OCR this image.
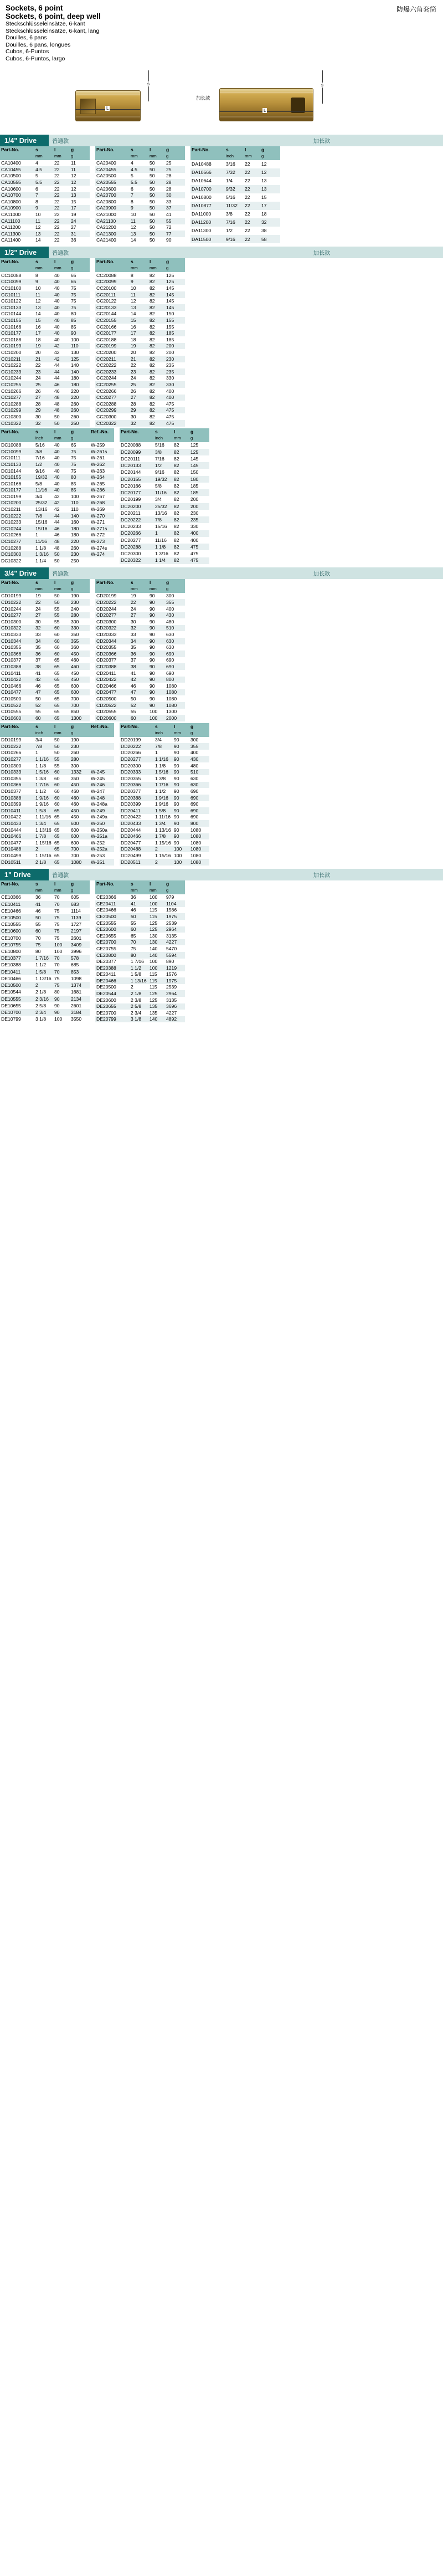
Sockets, 6 point
Sockets, 6 point, deep well
Steckschlüsseleinsätze, 6-kant
Steckschlüsseleinsätze, 6-kant, lang
Douilles, 6 pans
Douilles, 6 pans, longues
Cubos, 6-Puntos
Cubos, 6-Puntos, largo
防爆六角套筒
s
L
s
L
加长款
1/4" Drive	普通款	加长款
Part-No.	s	l	g
	mm	mm	g
CA10400	4	22	11
CA10455	4.5	22	11
CA10500	5	22	12
CA10555	5.5	22	12
CA10600	6	22	12
CA10700	7	22	13
CA10800	8	22	15
CA10900	9	22	17
CA11000	10	22	19
CA11100	11	22	24
CA11200	12	22	27
CA11300	13	22	31
CA11400	14	22	36
Part-No.	s	l	g
	mm	mm	g
CA20400	4	50	25
CA20455	4.5	50	25
CA20500	5	50	28
CA20555	5.5	50	28
CA20600	6	50	28
CA20700	7	50	30
CA20800	8	50	33
CA20900	9	50	37
CA21000	10	50	41
CA21100	11	50	55
CA21200	12	50	72
CA21300	13	50	77
CA21400	14	50	90
Part-No.	s	l	g
	inch	mm	g
DA10488	3/16	22	12
DA10566	7/32	22	12
DA10644	1/4	22	13
DA10700	9/32	22	13
DA10800	5/16	22	15
DA10877	11/32	22	17
DA11000	3/8	22	18
DA11200	7/16	22	32
DA11300	1/2	22	38
DA11500	9/16	22	58
1/2" Drive	普通款	加长款
Part-No.	s	l	g
	mm	mm	g
CC10088	8	40	65
CC10099	9	40	65
CC10100	10	40	75
CC10111	11	40	75
CC10122	12	40	75
CC10133	13	40	75
CC10144	14	40	80
CC10155	15	40	85
CC10166	16	40	85
CC10177	17	40	90
CC10188	18	40	100
CC10199	19	42	110
CC10200	20	42	130
CC10211	21	42	125
CC10222	22	44	140
CC10233	23	44	140
CC10244	24	44	180
CC10255	25	46	180
CC10266	26	46	220
CC10277	27	48	220
CC10288	28	48	260
CC10299	29	48	260
CC10300	30	50	260
CC10322	32	50	250
Part-No.	s	l	g
	mm	mm	g
CC20088	8	82	125
CC20099	9	82	125
CC20100	10	82	145
CC20111	11	82	145
CC20122	12	82	145
CC20133	13	82	145
CC20144	14	82	150
CC20155	15	82	155
CC20166	16	82	155
CC20177	17	82	185
CC20188	18	82	185
CC20199	19	82	200
CC20200	20	82	200
CC20211	21	82	230
CC20222	22	82	235
CC20233	23	82	235
CC20244	24	82	330
CC20255	25	82	330
CC20266	26	82	400
CC20277	27	82	400
CC20288	28	82	475
CC20299	29	82	475
CC20300	30	82	475
CC20322	32	82	475
Part-No.	s	l	g	Ref.-No.
	inch	mm	g	
DC10088	5/16	40	65	W-259
DC10099	3/8	40	75	W-261s
DC10111	7/16	40	75	W-261
DC10133	1/2	40	75	W-262
DC10144	9/16	40	75	W-263
DC10155	19/32	40	80	W-264
DC10166	5/8	40	85	W-265
DC10177	11/16	40	85	W-266
DC10199	3/4	42	100	W-267
DC10200	25/32	42	110	W-268
DC10211	13/16	42	110	W-269
DC10222	7/8	44	140	W-270
DC10233	15/16	44	160	W-271
DC10244	15/16	46	180	W-271s
DC10266	1	46	180	W-272
DC10277	11/16	48	220	W-273
DC10288	1 1/8	48	260	W-274s
DC10300	1 3/16	50	230	W-274
DC10322	1 1/4	50	250	
Part-No.	s	l	g
	inch	mm	g
DC20088	5/16	82	125
DC20099	3/8	82	125
DC20111	7/16	82	145
DC20133	1/2	82	145
DC20144	9/16	82	150
DC20155	19/32	82	180
DC20166	5/8	82	185
DC20177	11/16	82	185
DC20199	3/4	82	200
DC20200	25/32	82	200
DC20211	13/16	82	230
DC20222	7/8	82	235
DC20233	15/16	82	330
DC20266	1	82	400
DC20277	11/16	82	400
DC20288	1 1/8	82	475
DC20300	1 3/16	82	475
DC20322	1 1/4	82	475
3/4" Drive	普通款	加长款
Part-No.	s	l	g
	mm	mm	g
CD10199	19	50	190
CD10222	22	50	230
CD10244	24	55	240
CD10277	27	55	280
CD10300	30	55	300
CD10322	32	60	330
CD10333	33	60	350
CD10344	34	60	355
CD10355	35	60	360
CD10366	36	60	450
CD10377	37	65	460
CD10388	38	65	460
CD10411	41	65	450
CD10422	42	65	450
CD10466	46	65	600
CD10477	47	65	600
CD10500	50	65	700
CD10522	52	65	700
CD10555	55	65	850
CD10600	60	65	1300
Part-No.	s	l	g
	mm	mm	g
CD20199	19	90	300
CD20222	22	90	355
CD20244	24	90	400
CD20277	27	90	430
CD20300	30	90	480
CD20322	32	90	510
CD20333	33	90	630
CD20344	34	90	630
CD20355	35	90	630
CD20366	36	90	690
CD20377	37	90	690
CD20388	38	90	690
CD20411	41	90	690
CD20422	42	90	800
CD20466	46	90	1080
CD20477	47	90	1080
CD20500	50	90	1080
CD20522	52	90	1080
CD20555	55	100	1300
CD20600	60	100	2000
Part-No.	s	l	g	Ref.-No.
	inch	mm	g	
DD10199	3/4	50	190	
DD10222	7/8	50	230	
DD10266	1	50	260	
DD10277	1 1/16	55	280	
DD10300	1 1/8	55	300	
DD10333	1 5/16	60	1332	W-245
DD10355	1 3/8	60	350	W-245
DD10366	1 7/16	60	450	W-246
DD10377	1 1/2	60	460	W-247
DD10388	1 9/16	60	460	W-248
DD10399	1 9/16	60	460	W-248a
DD10411	1 5/8	65	450	W-249
DD10422	1 11/16	65	450	W-249a
DD10433	1 3/4	65	600	W-250
DD10444	1 13/16	65	600	W-250a
DD10466	1 7/8	65	600	W-251a
DD10477	1 15/16	65	600	W-252
DD10488	2	65	700	W-252a
DD10499	1 15/16	65	700	W-253
DD10511	2 1/8	65	1080	W-251
Part-No.	s	l	g
	inch	mm	g
DD20199	3/4	90	300
DD20222	7/8	90	355
DD20266	1	90	400
DD20277	1 1/16	90	430
DD20300	1 1/8	90	480
DD20333	1 5/16	90	510
DD20355	1 3/8	90	630
DD20366	1 7/16	90	630
DD20377	1 1/2	90	690
DD20388	1 9/16	90	690
DD20399	1 9/16	90	690
DD20411	1 5/8	90	690
DD20422	1 11/16	90	690
DD20433	1 3/4	90	800
DD20444	1 13/16	90	1080
DD20466	1 7/8	90	1080
DD20477	1 15/16	90	1080
DD20488	2	100	1080
DD20499	1 15/16	100	1080
DD20511	2	100	1080
1" Drive	普通款	加长款
Part-No.	s	l	g
	mm	mm	g
CE10366	36	70	605
CE10411	41	70	683
CE10466	46	75	1114
CE10500	50	75	1139
CE10555	55	75	1727
CE10600	60	75	2197
CE10700	70	75	2601
CE10755	75	100	3409
CE10800	80	100	3996
DE10377	1 7/16	70	578
DE10388	1 1/2	70	685
DE10411	1 5/8	70	853
DE10466	1 13/16	75	1098
DE10500	2	75	1374
DE10544	2 1/8	80	1681
DE10555	2 3/16	90	2134
DE10655	2 5/8	90	2601
DE10700	2 3/4	90	3184
DE10799	3 1/8	100	3550
Part-No.	s	l	g
	mm	mm	g
CE20366	36	100	979
CE20411	41	100	1104
CE20466	46	115	1586
CE20500	50	115	1975
CE20555	55	125	2539
CE20600	60	125	2964
CE20655	65	130	3135
CE20700	70	130	4227
CE20755	75	140	5470
CE20800	80	140	5594
DE20377	1 7/16	100	890
DE20388	1 1/2	100	1219
DE20411	1 5/8	115	1576
DE20466	1 13/16	115	1975
DE20500	2	115	2539
DE20544	2 1/8	125	2964
DE20600	2 3/8	125	3135
DE20655	2 5/8	135	3696
DE20700	2 3/4	135	4227
DE20799	3 1/8	140	4892
